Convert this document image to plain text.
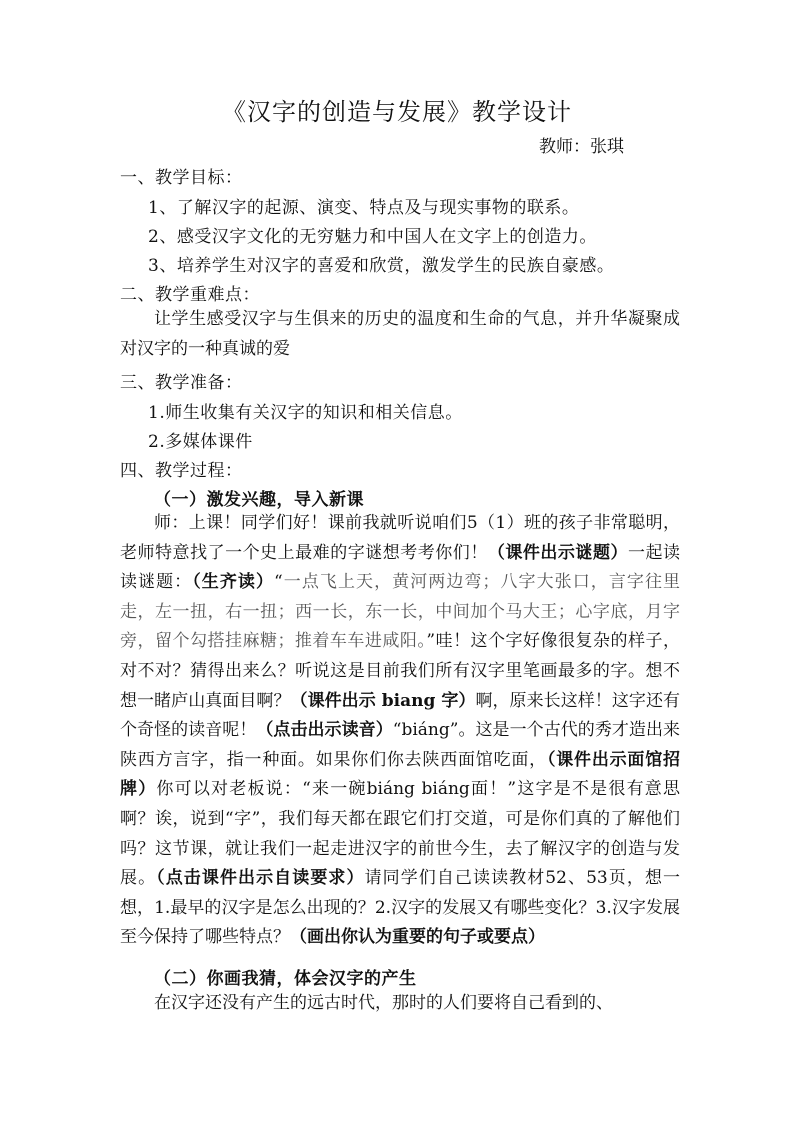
《汉字的创造与发展》教学设计
教师：张琪
一、教学目标：
1、了解汉字的起源、演变、特点及与现实事物的联系。
2、感受汉字文化的无穷魅力和中国人在文字上的创造力。
3、培养学生对汉字的喜爱和欣赏，激发学生的民族自豪感。
二、教学重难点：
让学生感受汉字与生俱来的历史的温度和生命的气息，并升华凝聚成对汉字的一种真诚的爱
三、教学准备：
1.师生收集有关汉字的知识和相关信息。
2.多媒体课件
四、教学过程：
（一）激发兴趣，导入新课
师：上课！同学们好！课前我就听说咱们5（1）班的孩子非常聪明，老师特意找了一个史上最难的字谜想考考你们！（课件出示谜题）一起读读谜题：（生齐读）“一点飞上天，黄河两边弯；八字大张口，言字往里走，左一扭，右一扭；西一长，东一长，中间加个马大王；心字底，月字旁，留个勾搭挂麻糖；推着车车进咸阳。”哇！这个字好像很复杂的样子，对不对？猜得出来么？听说这是目前我们所有汉字里笔画最多的字。想不想一睹庐山真面目啊？（课件出示 biang 字）啊，原来长这样！这字还有个奇怪的读音呢！（点击出示读音）“biáng”。这是一个古代的秀才造出来陕西方言字，指一种面。如果你们你去陕西面馆吃面，（课件出示面馆招牌）你可以对老板说：“来一碗biáng biáng面！”这字是不是很有意思啊？诶，说到“字”，我们每天都在跟它们打交道，可是你们真的了解他们吗？这节课，就让我们一起走进汉字的前世今生，去了解汉字的创造与发展。（点击课件出示自读要求）请同学们自己读读教材52、53页，想一想，1.最早的汉字是怎么出现的？2.汉字的发展又有哪些变化？3.汉字发展至今保持了哪些特点？（画出你认为重要的句子或要点）
（二）你画我猜，体会汉字的产生
在汉字还没有产生的远古时代，那时的人们要将自己看到的、
